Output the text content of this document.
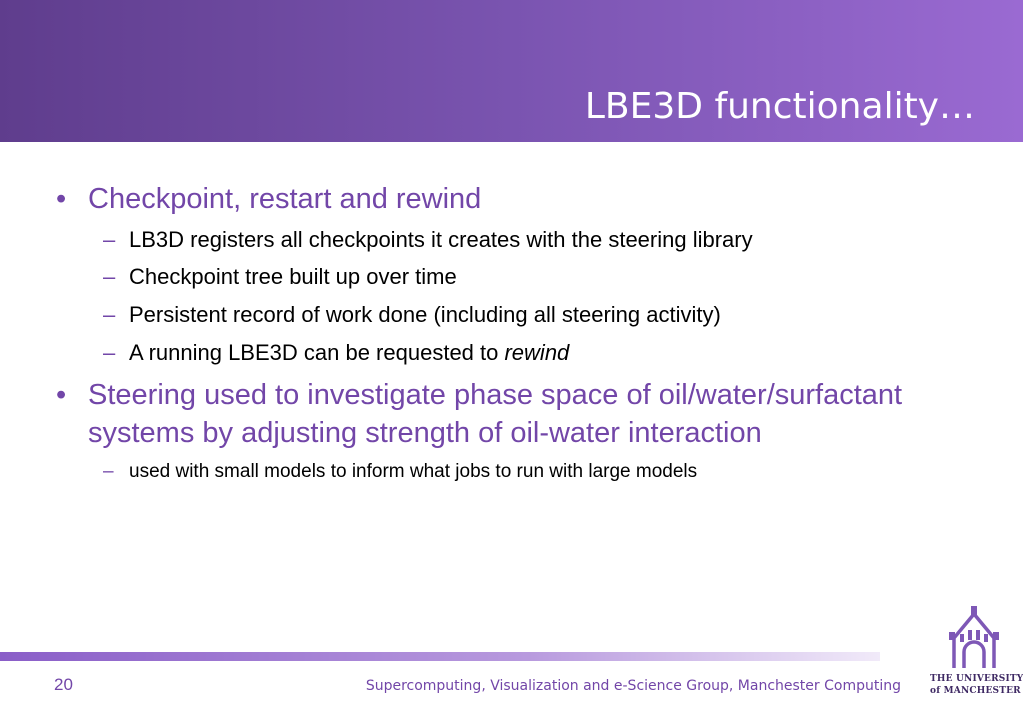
LBE3D functionality…
• Checkpoint, restart and rewind
– LB3D registers all checkpoints it creates with the steering library
– Checkpoint tree built up over time
– Persistent record of work done (including all steering activity)
– A running LBE3D can be requested to rewind
• Steering used to investigate phase space of oil/water/surfactant systems by adjusting strength of oil-water interaction
– used with small models to inform what jobs to run with large models
20	Supercomputing, Visualization and e-Science Group, Manchester Computing	THE UNIVERSITY
of MANCHESTER
